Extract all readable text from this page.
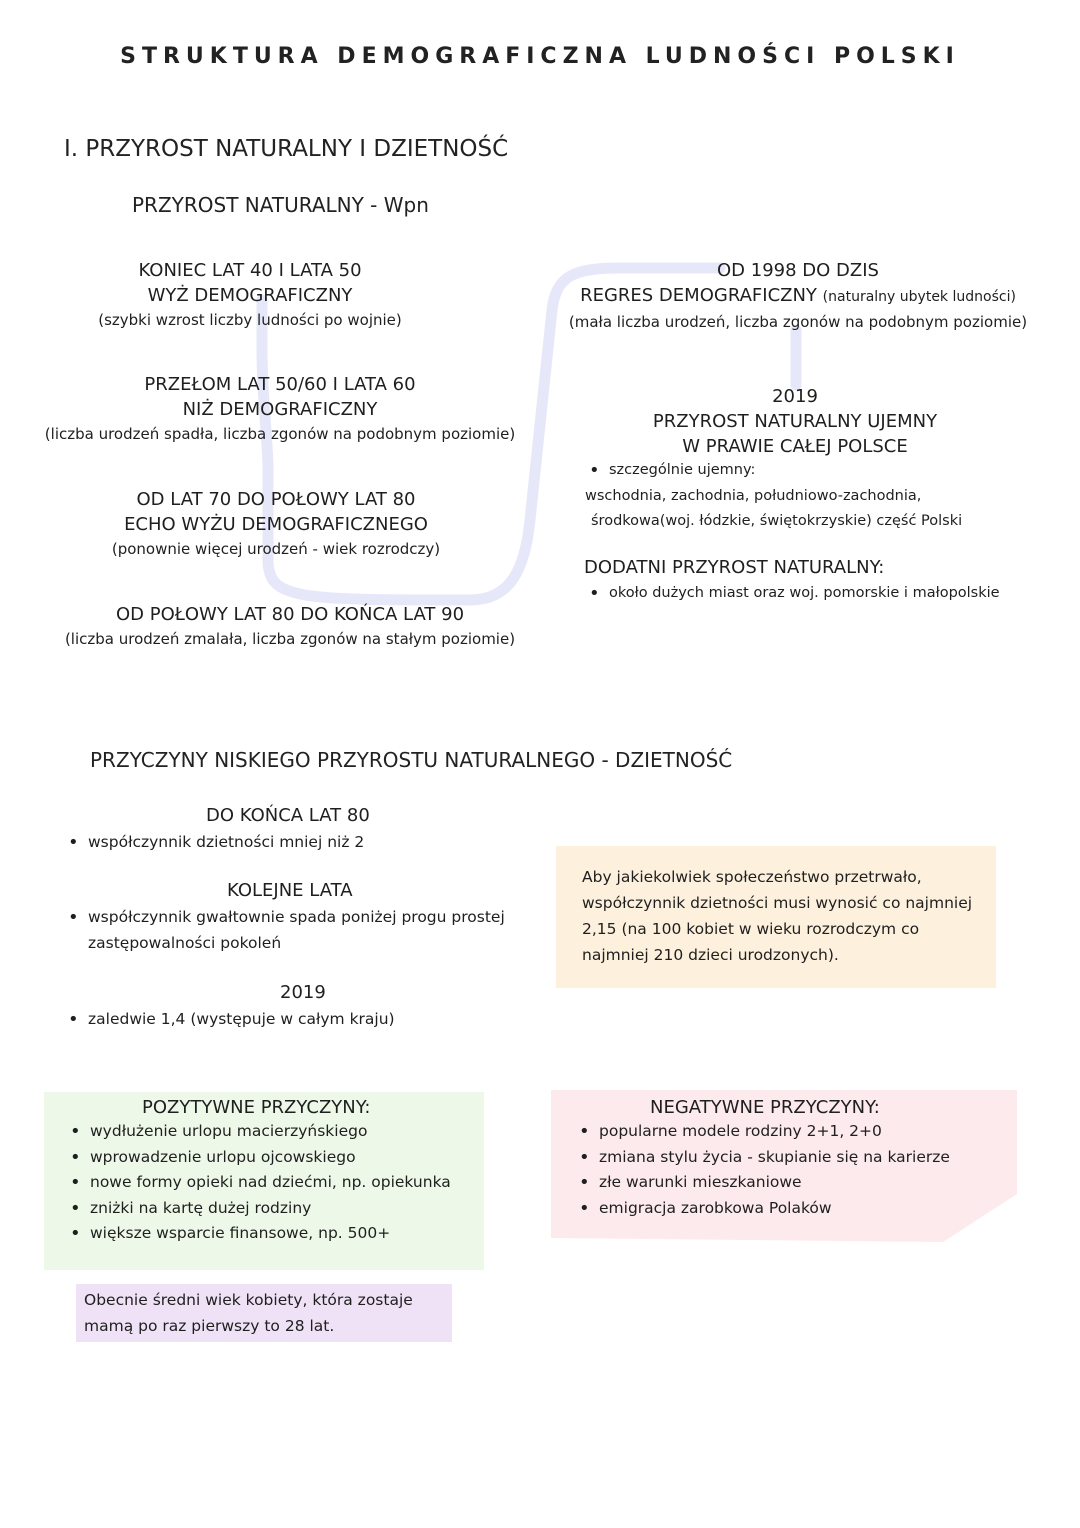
STRUKTURA DEMOGRAFICZNA LUDNOŚCI POLSKI
I. PRZYROST NATURALNY I DZIETNOŚĆ
PRZYROST NATURALNY - Wpn
KONIEC LAT 40 I LATA 50
WYŻ DEMOGRAFICZNY
(szybki wzrost liczby ludności po wojnie)
PRZEŁOM LAT 50/60 I LATA 60
NIŻ DEMOGRAFICZNY
(liczba urodzeń spadła, liczba zgonów na podobnym poziomie)
OD LAT 70 DO POŁOWY LAT 80
ECHO WYŻU DEMOGRAFICZNEGO
(ponownie więcej urodzeń - wiek rozrodczy)
OD POŁOWY LAT 80 DO KOŃCA LAT 90
(liczba urodzeń zmalała, liczba zgonów na stałym poziomie)
OD 1998 DO DZIS
REGRES DEMOGRAFICZNY (naturalny ubytek ludności)
(mała liczba urodzeń, liczba zgonów na podobnym poziomie)
2019
PRZYROST NATURALNY UJEMNY
W PRAWIE CAŁEJ POLSCE
• szczególnie ujemny:
wschodnia, zachodnia, południowo-zachodnia,
środkowa(woj. łódzkie, świętokrzyskie) część Polski
DODATNI PRZYROST NATURALNY:
• około dużych miast oraz woj. pomorskie i małopolskie
PRZYCZYNY NISKIEGO PRZYROSTU NATURALNEGO - DZIETNOŚĆ
DO KOŃCA LAT 80
• współczynnik dzietności mniej niż 2
KOLEJNE LATA
• współczynnik gwałtownie spada poniżej progu prostej
zastępowalności pokoleń
2019
• zaledwie 1,4 (występuje w całym kraju)
Aby jakiekolwiek społeczeństwo przetrwało,
współczynnik dzietności musi wynosić co najmniej
2,15 (na 100 kobiet w wieku rozrodczym co
najmniej 210 dzieci urodzonych).
POZYTYWNE PRZYCZYNY:
• wydłużenie urlopu macierzyńskiego
• wprowadzenie urlopu ojcowskiego
• nowe formy opieki nad dziećmi, np. opiekunka
• zniżki na kartę dużej rodziny
• większe wsparcie finansowe, np. 500+
NEGATYWNE PRZYCZYNY:
• popularne modele rodziny 2+1, 2+0
• zmiana stylu życia - skupianie się na karierze
• złe warunki mieszkaniowe
• emigracja zarobkowa Polaków
Obecnie średni wiek kobiety, która zostaje
mamą po raz pierwszy to 28 lat.
